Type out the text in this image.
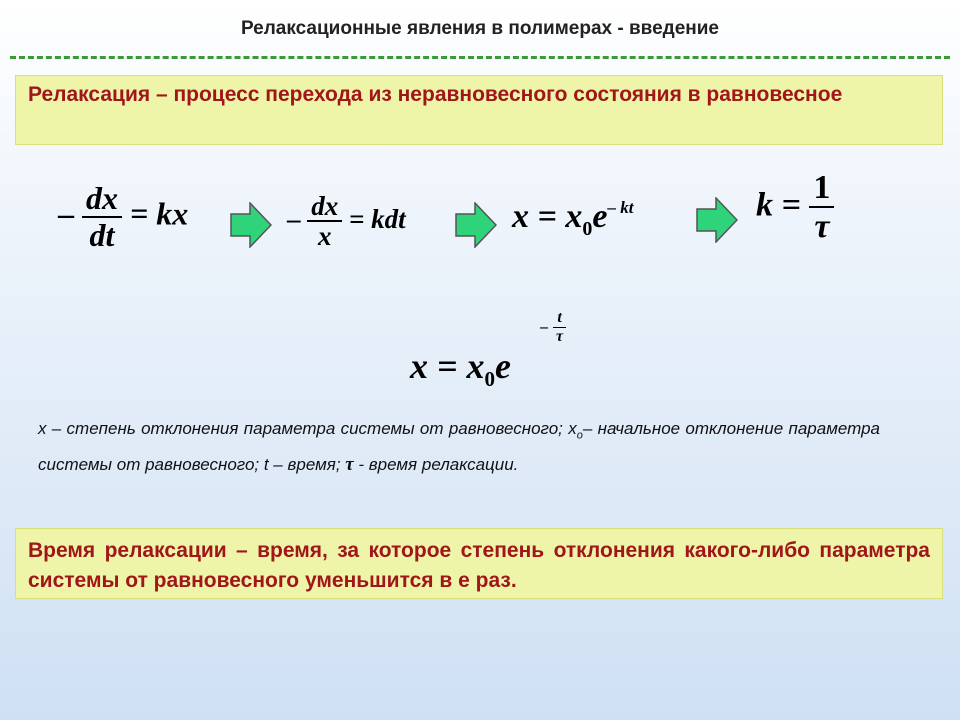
Релаксационные явления в полимерах - введение
Релаксация – процесс перехода из неравновесного состояния в равновесное
– $\frac{dx}{dt}$ = kx	– $\frac{dx}{x}$ = kdt	$x = x_0e^{- kt}$	$k = \frac{1}{\tau}$
$x = x_0e$
– $\frac{t}{\tau}$
x – степень отклонения параметра системы от равновесного; $x_o-$ начальное отклонение параметра системы от равновесного; t – время; τ - время релаксации.
Время релаксации – время, за которое степень отклонения какого-либо параметра системы от равновесного уменьшится в е раз.
